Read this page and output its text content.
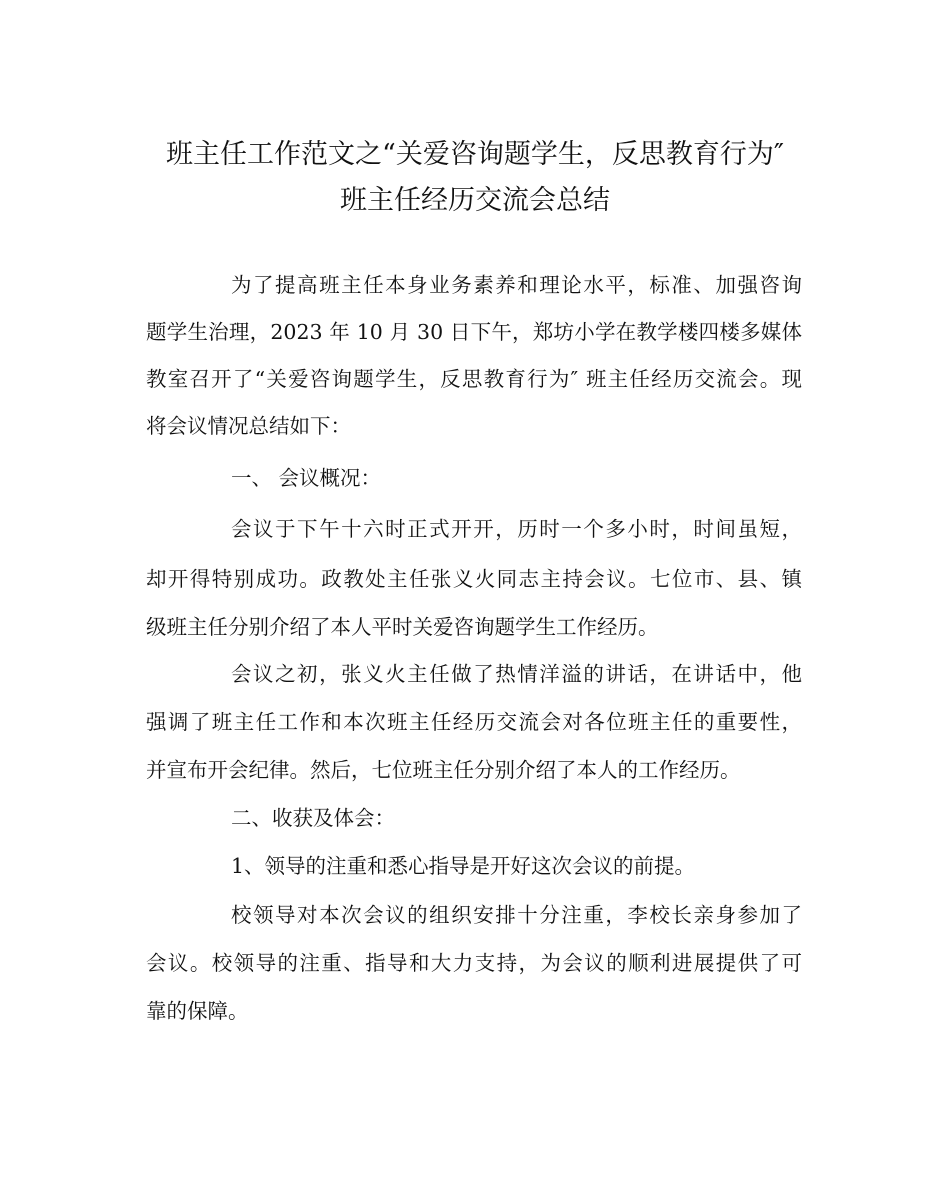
班主任工作范文之“关爱咨询题学生，反思教育行为″
班主任经历交流会总结

为了提高班主任本身业务素养和理论水平，标准、加强咨询

题学生治理，2023 年 10 月 30 日下午，郑坊小学在教学楼四楼多媒体

教室召开了“关爱咨询题学生，反思教育行为″ 班主任经历交流会。现

将会议情况总结如下：

一、 会议概况：

会议于下午十六时正式开开，历时一个多小时，时间虽短，

却开得特别成功。政教处主任张义火同志主持会议。七位市、县、镇

级班主任分别介绍了本人平时关爱咨询题学生工作经历。

会议之初，张义火主任做了热情洋溢的讲话，在讲话中，他

强调了班主任工作和本次班主任经历交流会对各位班主任的重要性，

并宣布开会纪律。然后，七位班主任分别介绍了本人的工作经历。

二、收获及体会：

1、领导的注重和悉心指导是开好这次会议的前提。

校领导对本次会议的组织安排十分注重，李校长亲身参加了

会议。校领导的注重、指导和大力支持，为会议的顺利进展提供了可

靠的保障。
